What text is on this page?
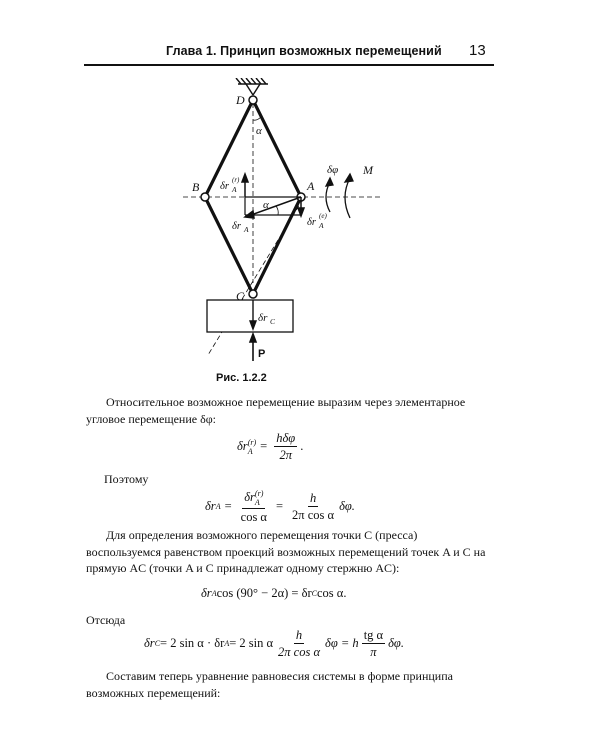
Глава 1. Принцип возможных перемещений 13
D
B	A
C
α
α
δr A
(r)
δr A
δr A
(e)
δφ M
δr C
P
Рис. 1.2.2

Относительное возможное перемещение выразим через элементарное угловое перемещение δφ:

δr (r)
$A = \frac{\text{hδφ}}{2\pi}$ .
Поэтому
δr A = δr (r)
A
$\cos \alpha = \frac{h}{\text{2π cos α}} \delta\varphi$.

Для определения возможного перемещения точки C (пресса) воспользуемся равенством проекций возможных перемещений точек A и C на прямую AC (точки A и C принадлежат одному стержню AC):

δr A cos (90° − 2α) = δr C cos α.
Отсюда
δr C = 2 sin α · δr A = 2 sin α $\frac{h}{\text{2π cos α}}$ δφ = h $\frac{\text{tg α}}{\pi} \delta\varphi$.

Составим теперь уравнение равновесия системы в форме принципа возможных перемещений:
